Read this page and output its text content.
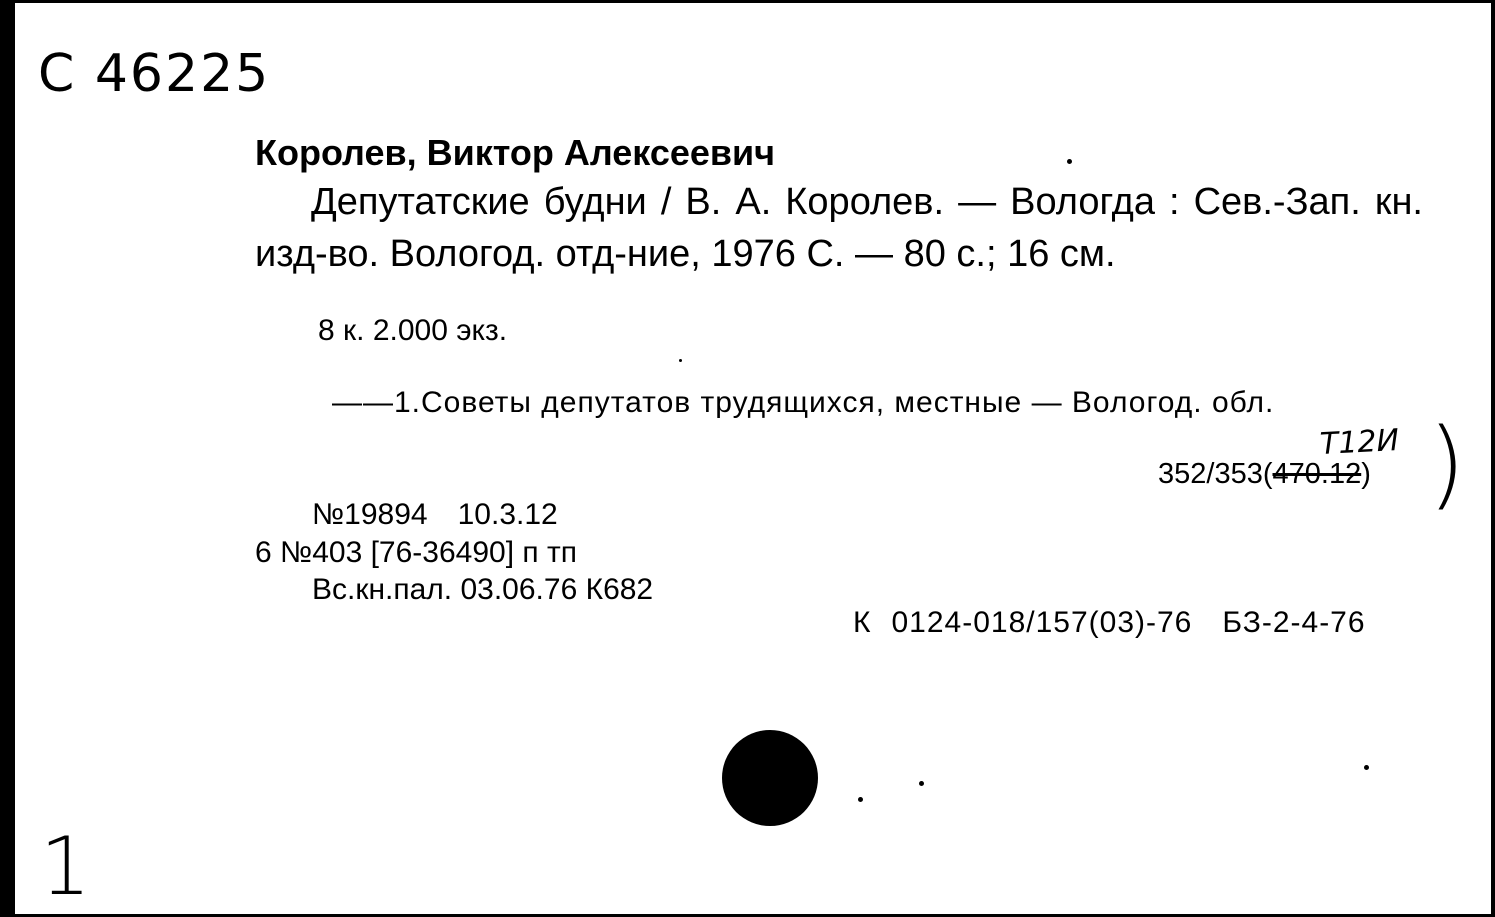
С 46225
Королев, Виктор Алексеевич
Депутатские будни / В. А. Королев. — Вологда : Сев.-Зап. кн. изд-во. Вологод. отд-ние, 1976 С. — 80 с.; 16 см.
8 к. 2.000 экз.
——1.Советы депутатов трудящихся, местные — Вологод. обл.
352/353(470.12)
Т12И )
№19894 10.3.12
6 №403 [76-36490] п тп
Вс.кн.пал. 03.06.76 К682
К 0124-018/157(03)-76 БЗ-2-4-76
1
